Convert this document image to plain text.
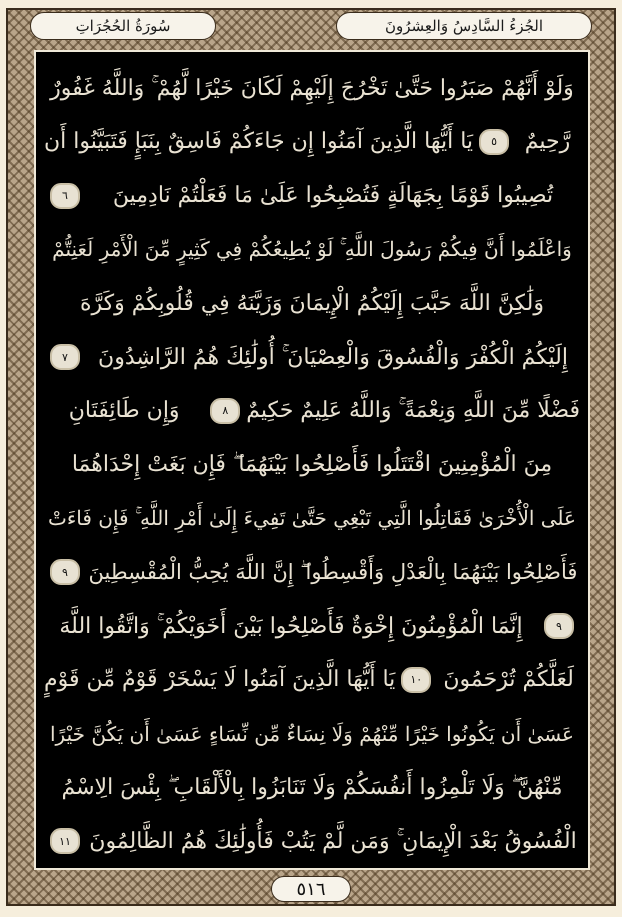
سُورَةُ الحُجُرَاتِ	الجُزءُ السَّادِسُ وَالعِشرُونَ
وَلَوْ أَنَّهُمْ صَبَرُوا حَتَّىٰ تَخْرُجَ إِلَيْهِمْ لَكَانَ خَيْرًا لَّهُمْ ۚ وَاللَّهُ غَفُورٌ
رَّحِيمٌ
٥
يَا أَيُّهَا الَّذِينَ آمَنُوا إِن جَاءَكُمْ فَاسِقٌ بِنَبَإٍ فَتَبَيَّنُوا أَن
تُصِيبُوا قَوْمًا بِجَهَالَةٍ فَتُصْبِحُوا عَلَىٰ مَا فَعَلْتُمْ نَادِمِينَ
٦
وَاعْلَمُوا أَنَّ فِيكُمْ رَسُولَ اللَّهِ ۚ لَوْ يُطِيعُكُمْ فِي كَثِيرٍ مِّنَ الْأَمْرِ لَعَنِتُّمْ
وَلَٰكِنَّ اللَّهَ حَبَّبَ إِلَيْكُمُ الْإِيمَانَ وَزَيَّنَهُ فِي قُلُوبِكُمْ وَكَرَّهَ
إِلَيْكُمُ الْكُفْرَ وَالْفُسُوقَ وَالْعِصْيَانَ ۚ أُولَٰئِكَ هُمُ الرَّاشِدُونَ
٧
فَضْلًا مِّنَ اللَّهِ وَنِعْمَةً ۚ وَاللَّهُ عَلِيمٌ حَكِيمٌ
٨
وَإِن طَائِفَتَانِ
مِنَ الْمُؤْمِنِينَ اقْتَتَلُوا فَأَصْلِحُوا بَيْنَهُمَا ۖ فَإِن بَغَتْ إِحْدَاهُمَا
عَلَى الْأُخْرَىٰ فَقَاتِلُوا الَّتِي تَبْغِي حَتَّىٰ تَفِيءَ إِلَىٰ أَمْرِ اللَّهِ ۚ فَإِن فَاءَتْ
فَأَصْلِحُوا بَيْنَهُمَا بِالْعَدْلِ وَأَقْسِطُوا ۖ إِنَّ اللَّهَ يُحِبُّ الْمُقْسِطِينَ
٩
٩
إِنَّمَا الْمُؤْمِنُونَ إِخْوَةٌ فَأَصْلِحُوا بَيْنَ أَخَوَيْكُمْ ۚ وَاتَّقُوا اللَّهَ
لَعَلَّكُمْ تُرْحَمُونَ
١٠
يَا أَيُّهَا الَّذِينَ آمَنُوا لَا يَسْخَرْ قَوْمٌ مِّن قَوْمٍ
عَسَىٰ أَن يَكُونُوا خَيْرًا مِّنْهُمْ وَلَا نِسَاءٌ مِّن نِّسَاءٍ عَسَىٰ أَن يَكُنَّ خَيْرًا
مِّنْهُنَّ ۖ وَلَا تَلْمِزُوا أَنفُسَكُمْ وَلَا تَنَابَزُوا بِالْأَلْقَابِ ۖ بِئْسَ الِاسْمُ
الْفُسُوقُ بَعْدَ الْإِيمَانِ ۚ وَمَن لَّمْ يَتُبْ فَأُولَٰئِكَ هُمُ الظَّالِمُونَ
١١
٥١٦
